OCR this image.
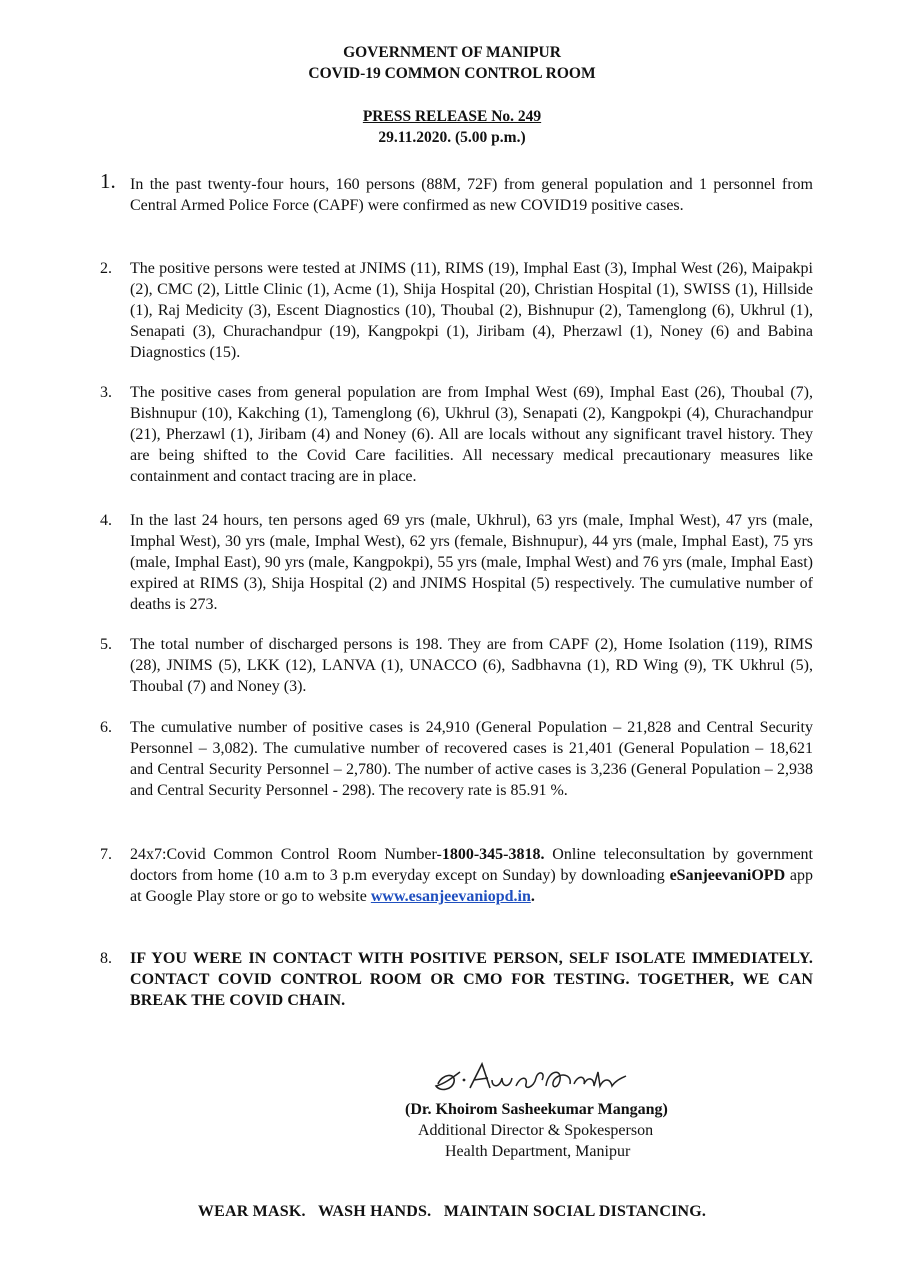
GOVERNMENT OF MANIPUR
COVID-19 COMMON CONTROL ROOM
PRESS RELEASE No. 249
29.11.2020. (5.00 p.m.)
1. In the past twenty-four hours, 160 persons (88M, 72F) from general population and 1 personnel from Central Armed Police Force (CAPF) were confirmed as new COVID19 positive cases.
2.	The positive persons were tested at JNIMS (11), RIMS (19), Imphal East (3), Imphal West (26), Maipakpi (2), CMC (2), Little Clinic (1), Acme (1), Shija Hospital (20), Christian Hospital (1), SWISS (1), Hillside (1), Raj Medicity (3), Escent Diagnostics (10), Thoubal (2), Bishnupur (2), Tamenglong (6), Ukhrul (1), Senapati (3), Churachandpur (19), Kangpokpi (1), Jiribam (4), Pherzawl (1), Noney (6) and Babina Diagnostics (15).
3.	The positive cases from general population are from Imphal West (69), Imphal East (26), Thoubal (7), Bishnupur (10), Kakching (1), Tamenglong (6), Ukhrul (3), Senapati (2), Kangpokpi (4), Churachandpur (21), Pherzawl (1), Jiribam (4) and Noney (6). All are locals without any significant travel history. They are being shifted to the Covid Care facilities. All necessary medical precautionary measures like containment and contact tracing are in place.
4.	In the last 24 hours, ten persons aged 69 yrs (male, Ukhrul), 63 yrs (male, Imphal West), 47 yrs (male, Imphal West), 30 yrs (male, Imphal West), 62 yrs (female, Bishnupur), 44 yrs (male, Imphal East), 75 yrs (male, Imphal East), 90 yrs (male, Kangpokpi), 55 yrs (male, Imphal West) and 76 yrs (male, Imphal East) expired at RIMS (3), Shija Hospital (2) and JNIMS Hospital (5) respectively. The cumulative number of deaths is 273.
5.	The total number of discharged persons is 198. They are from CAPF (2), Home Isolation (119), RIMS (28), JNIMS (5), LKK (12), LANVA (1), UNACCO (6), Sadbhavna (1), RD Wing (9), TK Ukhrul (5), Thoubal (7) and Noney (3).
6.	The cumulative number of positive cases is 24,910 (General Population – 21,828 and Central Security Personnel – 3,082). The cumulative number of recovered cases is 21,401 (General Population – 18,621 and Central Security Personnel – 2,780). The number of active cases is 3,236 (General Population – 2,938 and Central Security Personnel - 298). The recovery rate is 85.91 %.
7.	24x7:Covid Common Control Room Number-1800-345-3818. Online teleconsultation by government doctors from home (10 a.m to 3 p.m everyday except on Sunday) by downloading eSanjeevaniOPD app at Google Play store or go to website www.esanjeevaniopd.in.
8.	IF YOU WERE IN CONTACT WITH POSITIVE PERSON, SELF ISOLATE IMMEDIATELY. CONTACT COVID CONTROL ROOM OR CMO FOR TESTING. TOGETHER, WE CAN BREAK THE COVID CHAIN.
(Dr. Khoirom Sasheekumar Mangang)
Additional Director & Spokesperson
Health Department, Manipur
WEAR MASK.   WASH HANDS.   MAINTAIN SOCIAL DISTANCING.
